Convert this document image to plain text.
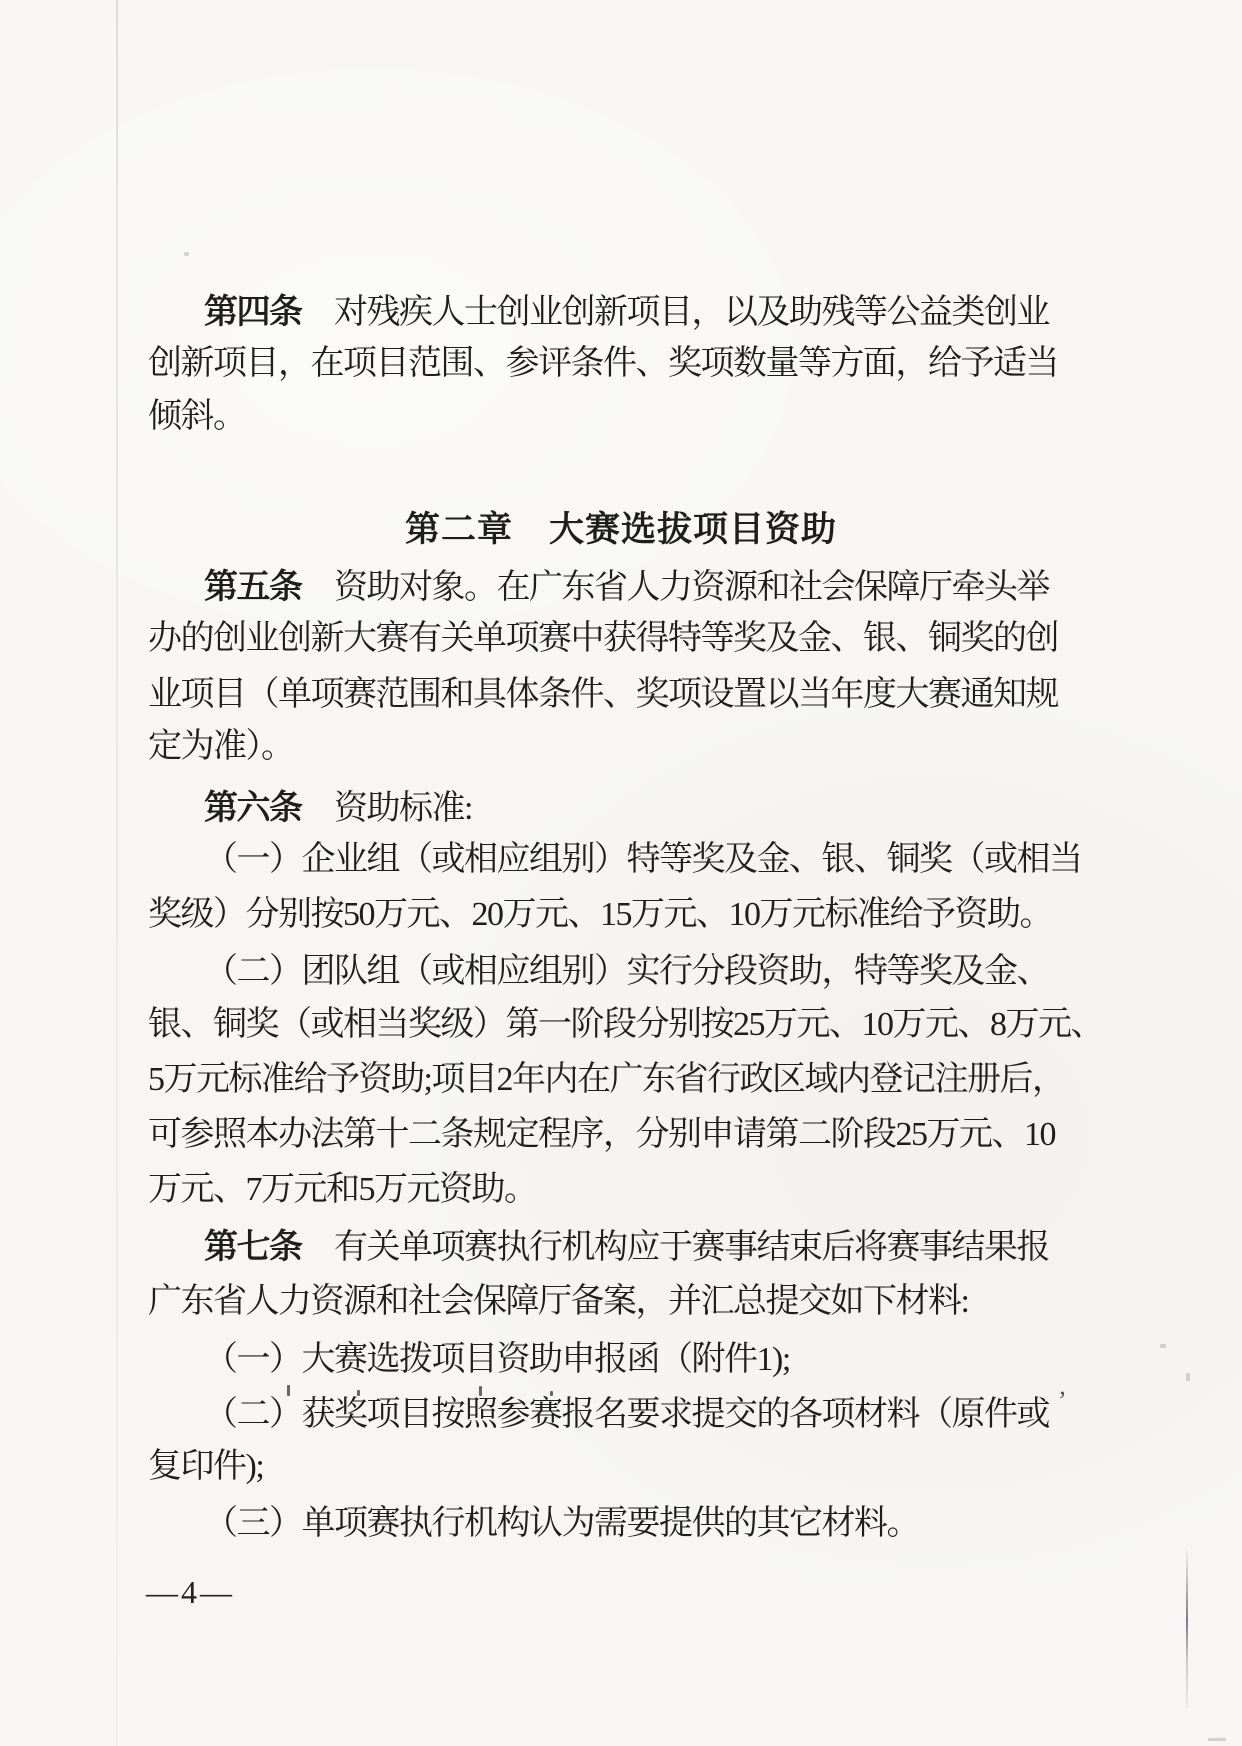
’
第四条　对残疾人士创业创新项目，以及助残等公益类创业
创新项目，在项目范围、参评条件、奖项数量等方面，给予适当
倾斜。
第二章　大赛选拔项目资助
第五条　资助对象。在广东省人力资源和社会保障厅牵头举
办的创业创新大赛有关单项赛中获得特等奖及金、银、铜奖的创
业项目（单项赛范围和具体条件、奖项设置以当年度大赛通知规
定为准）。
第六条　资助标准:
（一）企业组（或相应组别）特等奖及金、银、铜奖（或相当
奖级）分别按50万元、20万元、15万元、10万元标准给予资助。
（二）团队组（或相应组别）实行分段资助，特等奖及金、
银、铜奖（或相当奖级）第一阶段分别按25万元、10万元、8万元、
5万元标准给予资助;项目2年内在广东省行政区域内登记注册后，
可参照本办法第十二条规定程序，分别申请第二阶段25万元、10
万元、7万元和5万元资助。
第七条　有关单项赛执行机构应于赛事结束后将赛事结果报
广东省人力资源和社会保障厅备案，并汇总提交如下材料:
（一）大赛选拨项目资助申报函（附件1);
（二）获奖项目按照参赛报名要求提交的各项材料（原件或
复印件);
（三）单项赛执行机构认为需要提供的其它材料。
—4—
